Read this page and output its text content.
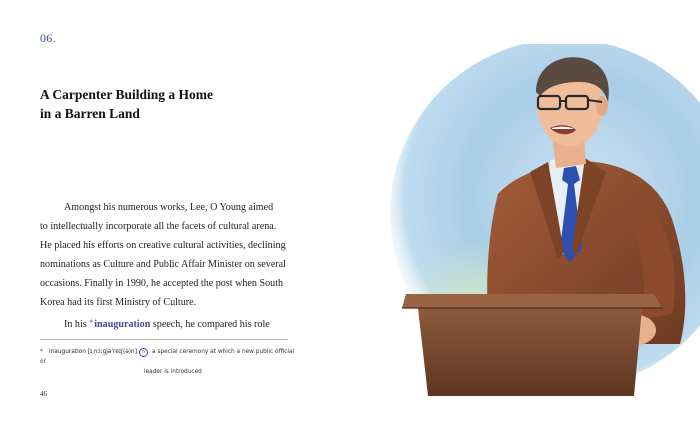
06.
A Carpenter Building a Home
in a Barren Land

Amongst his numerous works, Lee, O Young aimed

to intellectually incorporate all the facets of cultural arena.

He placed his efforts on creative cultural activities, declining

nominations as Culture and Public Affair Minister on several

occasions. Finally in 1990, he accepted the post when South

Korea had its first Ministry of Culture.

In his *inauguration speech, he compared his role

* inauguration [ɪˌnɔːɡjəˈreɪʃ(ə)n] n a special ceremony at which a new public official or
leader is introduced
46
